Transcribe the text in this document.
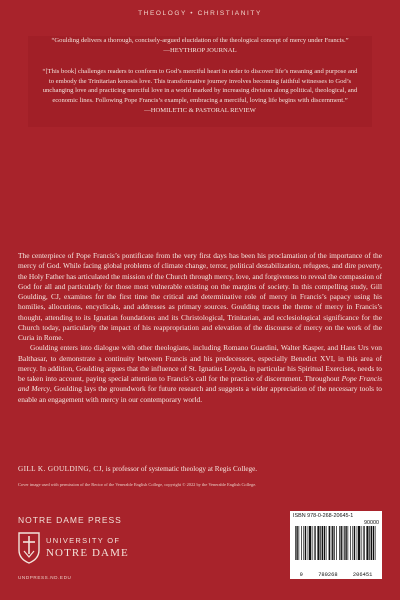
THEOLOGY • CHRISTIANITY

“Goulding delivers a thorough, concisely-argued elucidation of the theological concept of mercy under Francis.”

—HEYTHROP JOURNAL

“[This book] challenges readers to conform to God’s merciful heart in order to discover life’s meaning and purpose and to embody the Trinitarian kenosis love. This transformative journey involves becoming faithful witnesses to God’s unchanging love and practicing merciful love in a world marked by increasing division along political, theological, and economic lines. Following Pope Francis’s example, embracing a merciful, loving life begins with discernment.”

—HOMILETIC & PASTORAL REVIEW

The centerpiece of Pope Francis’s pontificate from the very first days has been his proclamation of the importance of the mercy of God. While facing global problems of climate change, terror, political destabilization, refugees, and dire poverty, the Holy Father has articulated the mission of the Church through mercy, love, and forgiveness to reveal the compassion of God for all and particularly for those most vulnerable existing on the margins of society. In this compelling study, Gill Goulding, CJ, examines for the first time the critical and determinative role of mercy in Francis’s papacy using his homilies, allocutions, encyclicals, and addresses as primary sources. Goulding traces the theme of mercy in Francis’s thought, attending to its Ignatian foundations and its Christological, Trinitarian, and ecclesiological significance for the Church today, particularly the impact of his reappropriation and elevation of the discourse of mercy on the work of the Curia in Rome.

Goulding enters into dialogue with other theologians, including Romano Guardini, Walter Kasper, and Hans Urs von Balthasar, to demonstrate a continuity between Francis and his predecessors, especially Benedict XVI, in this area of mercy. In addition, Goulding argues that the influence of St. Ignatius Loyola, in particular his Spiritual Exercises, needs to be taken into account, paying special attention to Francis’s call for the practice of discernment. Throughout Pope Francis and Mercy, Goulding lays the groundwork for future research and suggests a wider appreciation of the necessary tools to enable an engagement with mercy in our contemporary world.

GILL K. GOULDING, CJ, is professor of systematic theology at Regis College.
Cover image used with permission of the Rector of the Venerable English College, copyright © 2022 by the Venerable English College.
NOTRE DAME PRESS
UNIVERSITY OF
NOTRE DAME
UNDPRESS.ND.EDU
ISBN 978-0-268-20645-1
90000
9	780268	206451
